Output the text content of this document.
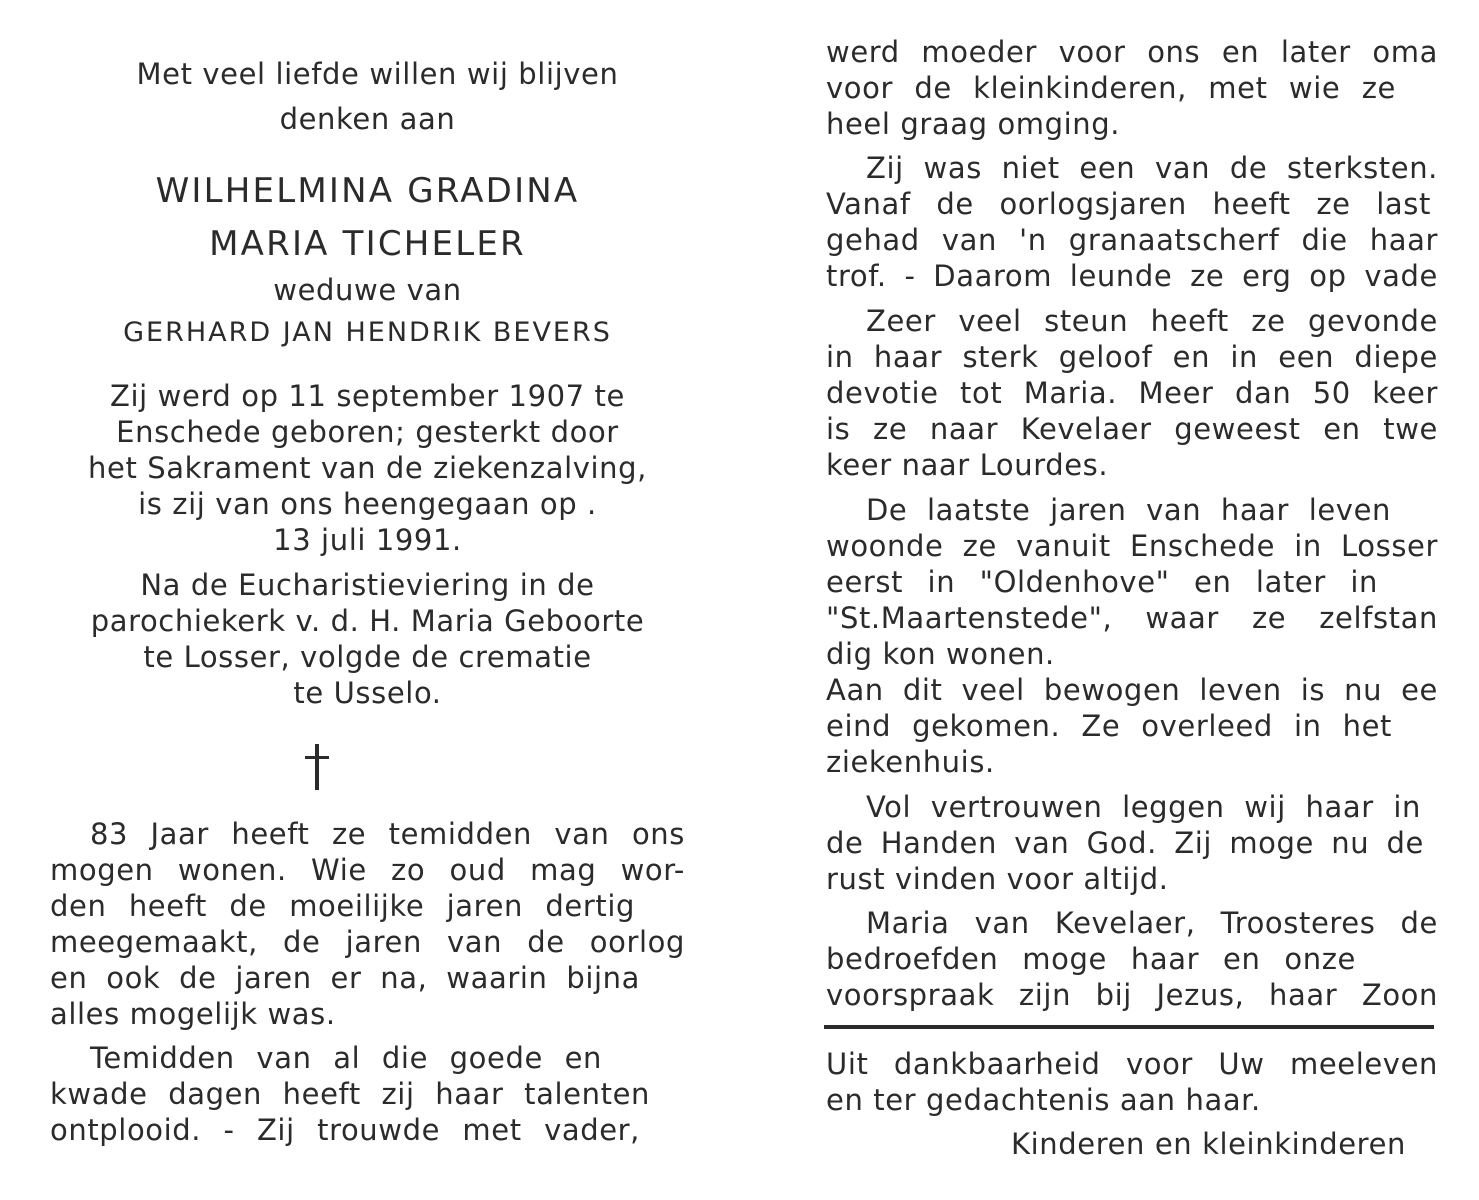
Met veel liefde willen wij blijven
denken aan
WILHELMINA GRADINA
MARIA TICHELER
weduwe van
GERHARD JAN HENDRIK BEVERS
Zij werd op 11 september 1907 te
Enschede geboren; gesterkt door
het Sakrament van de ziekenzalving,
is zij van ons heengegaan op .
13 juli 1991.
Na de Eucharistieviering in de
parochiekerk v. d. H. Maria Geboorte
te Losser, volgde de crematie
te Usselo.
83 Jaar heeft ze temidden van ons
mogen wonen. Wie zo oud mag wor-
den heeft de moeilijke jaren dertig
meegemaakt, de jaren van de oorlog
en ook de jaren er na, waarin bijna
alles mogelijk was.
Temidden van al die goede en
kwade dagen heeft zij haar talenten
ontplooid. - Zij trouwde met vader,
werd moeder voor ons en later oma
voor de kleinkinderen, met wie ze
heel graag omging.
Zij was niet een van de sterksten.
Vanaf de oorlogsjaren heeft ze last
gehad van 'n granaatscherf die haar
trof. - Daarom leunde ze erg op vade
Zeer veel steun heeft ze gevonde
in haar sterk geloof en in een diepe
devotie tot Maria. Meer dan 50 keer
is ze naar Kevelaer geweest en twe
keer naar Lourdes.
De laatste jaren van haar leven
woonde ze vanuit Enschede in Losser
eerst in "Oldenhove" en later in
"St.Maartenstede", waar ze zelfstan
dig kon wonen.
Aan dit veel bewogen leven is nu ee
eind gekomen. Ze overleed in het
ziekenhuis.
Vol vertrouwen leggen wij haar in
de Handen van God. Zij moge nu de
rust vinden voor altijd.
Maria van Kevelaer, Troosteres de
bedroefden moge haar en onze
voorspraak zijn bij Jezus, haar Zoon
Uit dankbaarheid voor Uw meeleven
en ter gedachtenis aan haar.
Kinderen en kleinkinderen
